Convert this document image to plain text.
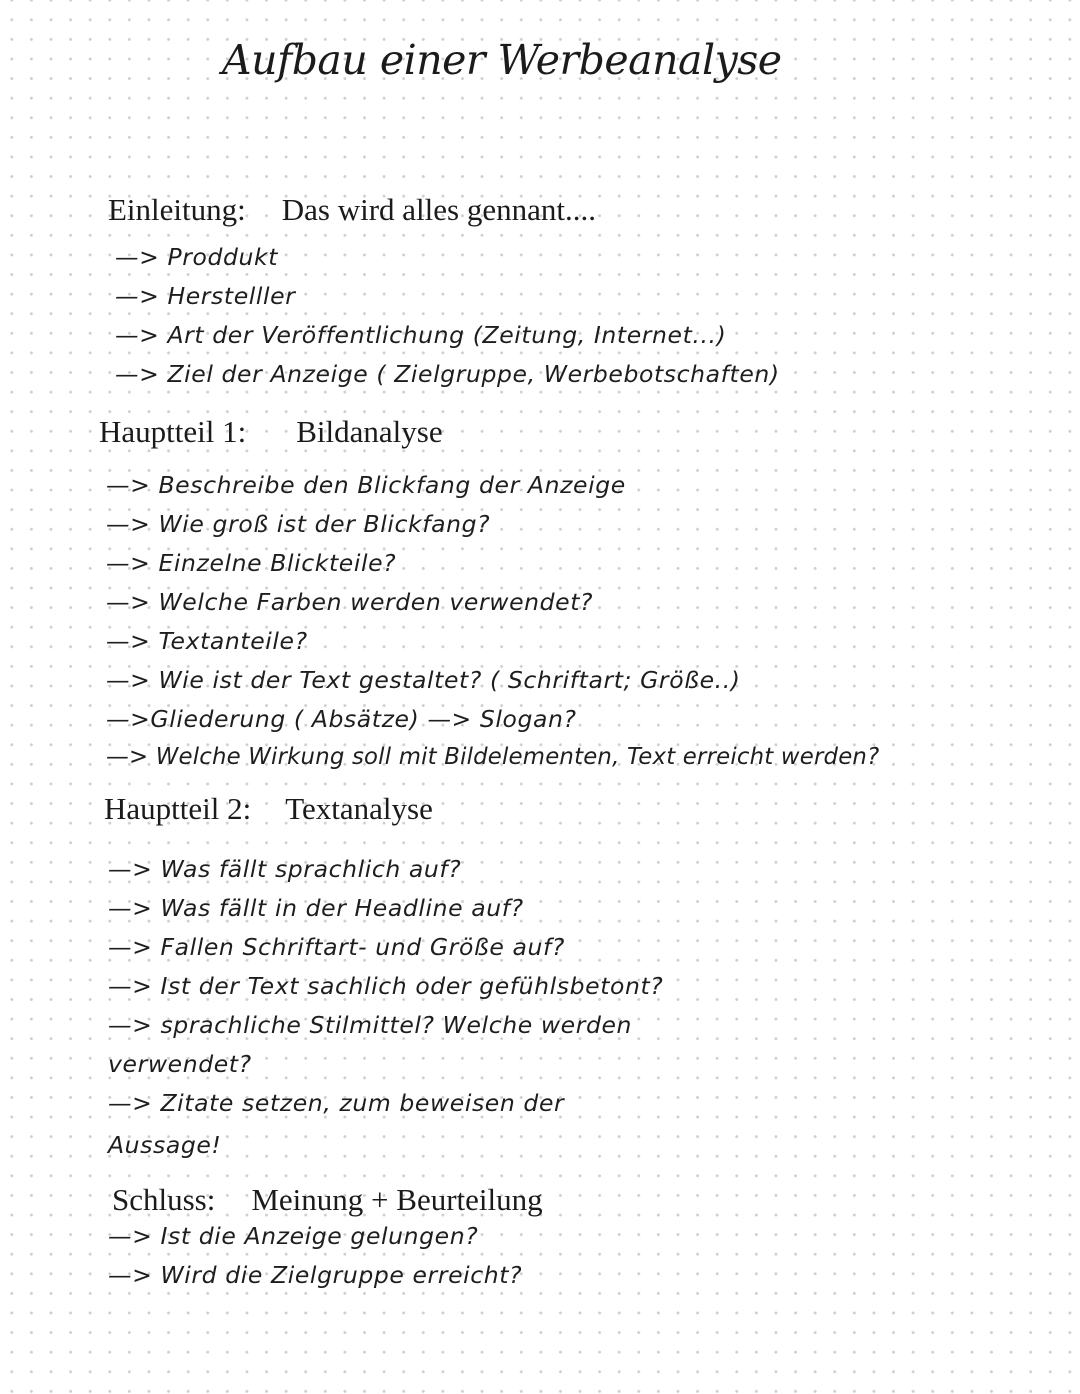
Aufbau einer Werbeanalyse
Einleitung: Das wird alles gennant....
—> Proddukt
—> Herstelller
—> Art der Veröffentlichung (Zeitung, Internet...)
—> Ziel der Anzeige ( Zielgruppe, Werbebotschaften)
Hauptteil 1: Bildanalyse
—> Beschreibe den Blickfang der Anzeige
—> Wie groß ist der Blickfang?
—> Einzelne Blickteile?
—> Welche Farben werden verwendet?
—> Textanteile?
—> Wie ist der Text gestaltet? ( Schriftart; Größe..)
—>Gliederung ( Absätze) —> Slogan?
—> Welche Wirkung soll mit Bildelementen, Text erreicht werden?
Hauptteil 2: Textanalyse
—> Was fällt sprachlich auf?
—> Was fällt in der Headline auf?
—> Fallen Schriftart- und Größe auf?
—> Ist der Text sachlich oder gefühlsbetont?
—> sprachliche Stilmittel? Welche werden
verwendet?
—> Zitate setzen, zum beweisen der
Aussage!
Schluss: Meinung + Beurteilung
—> Ist die Anzeige gelungen?
—> Wird die Zielgruppe erreicht?
